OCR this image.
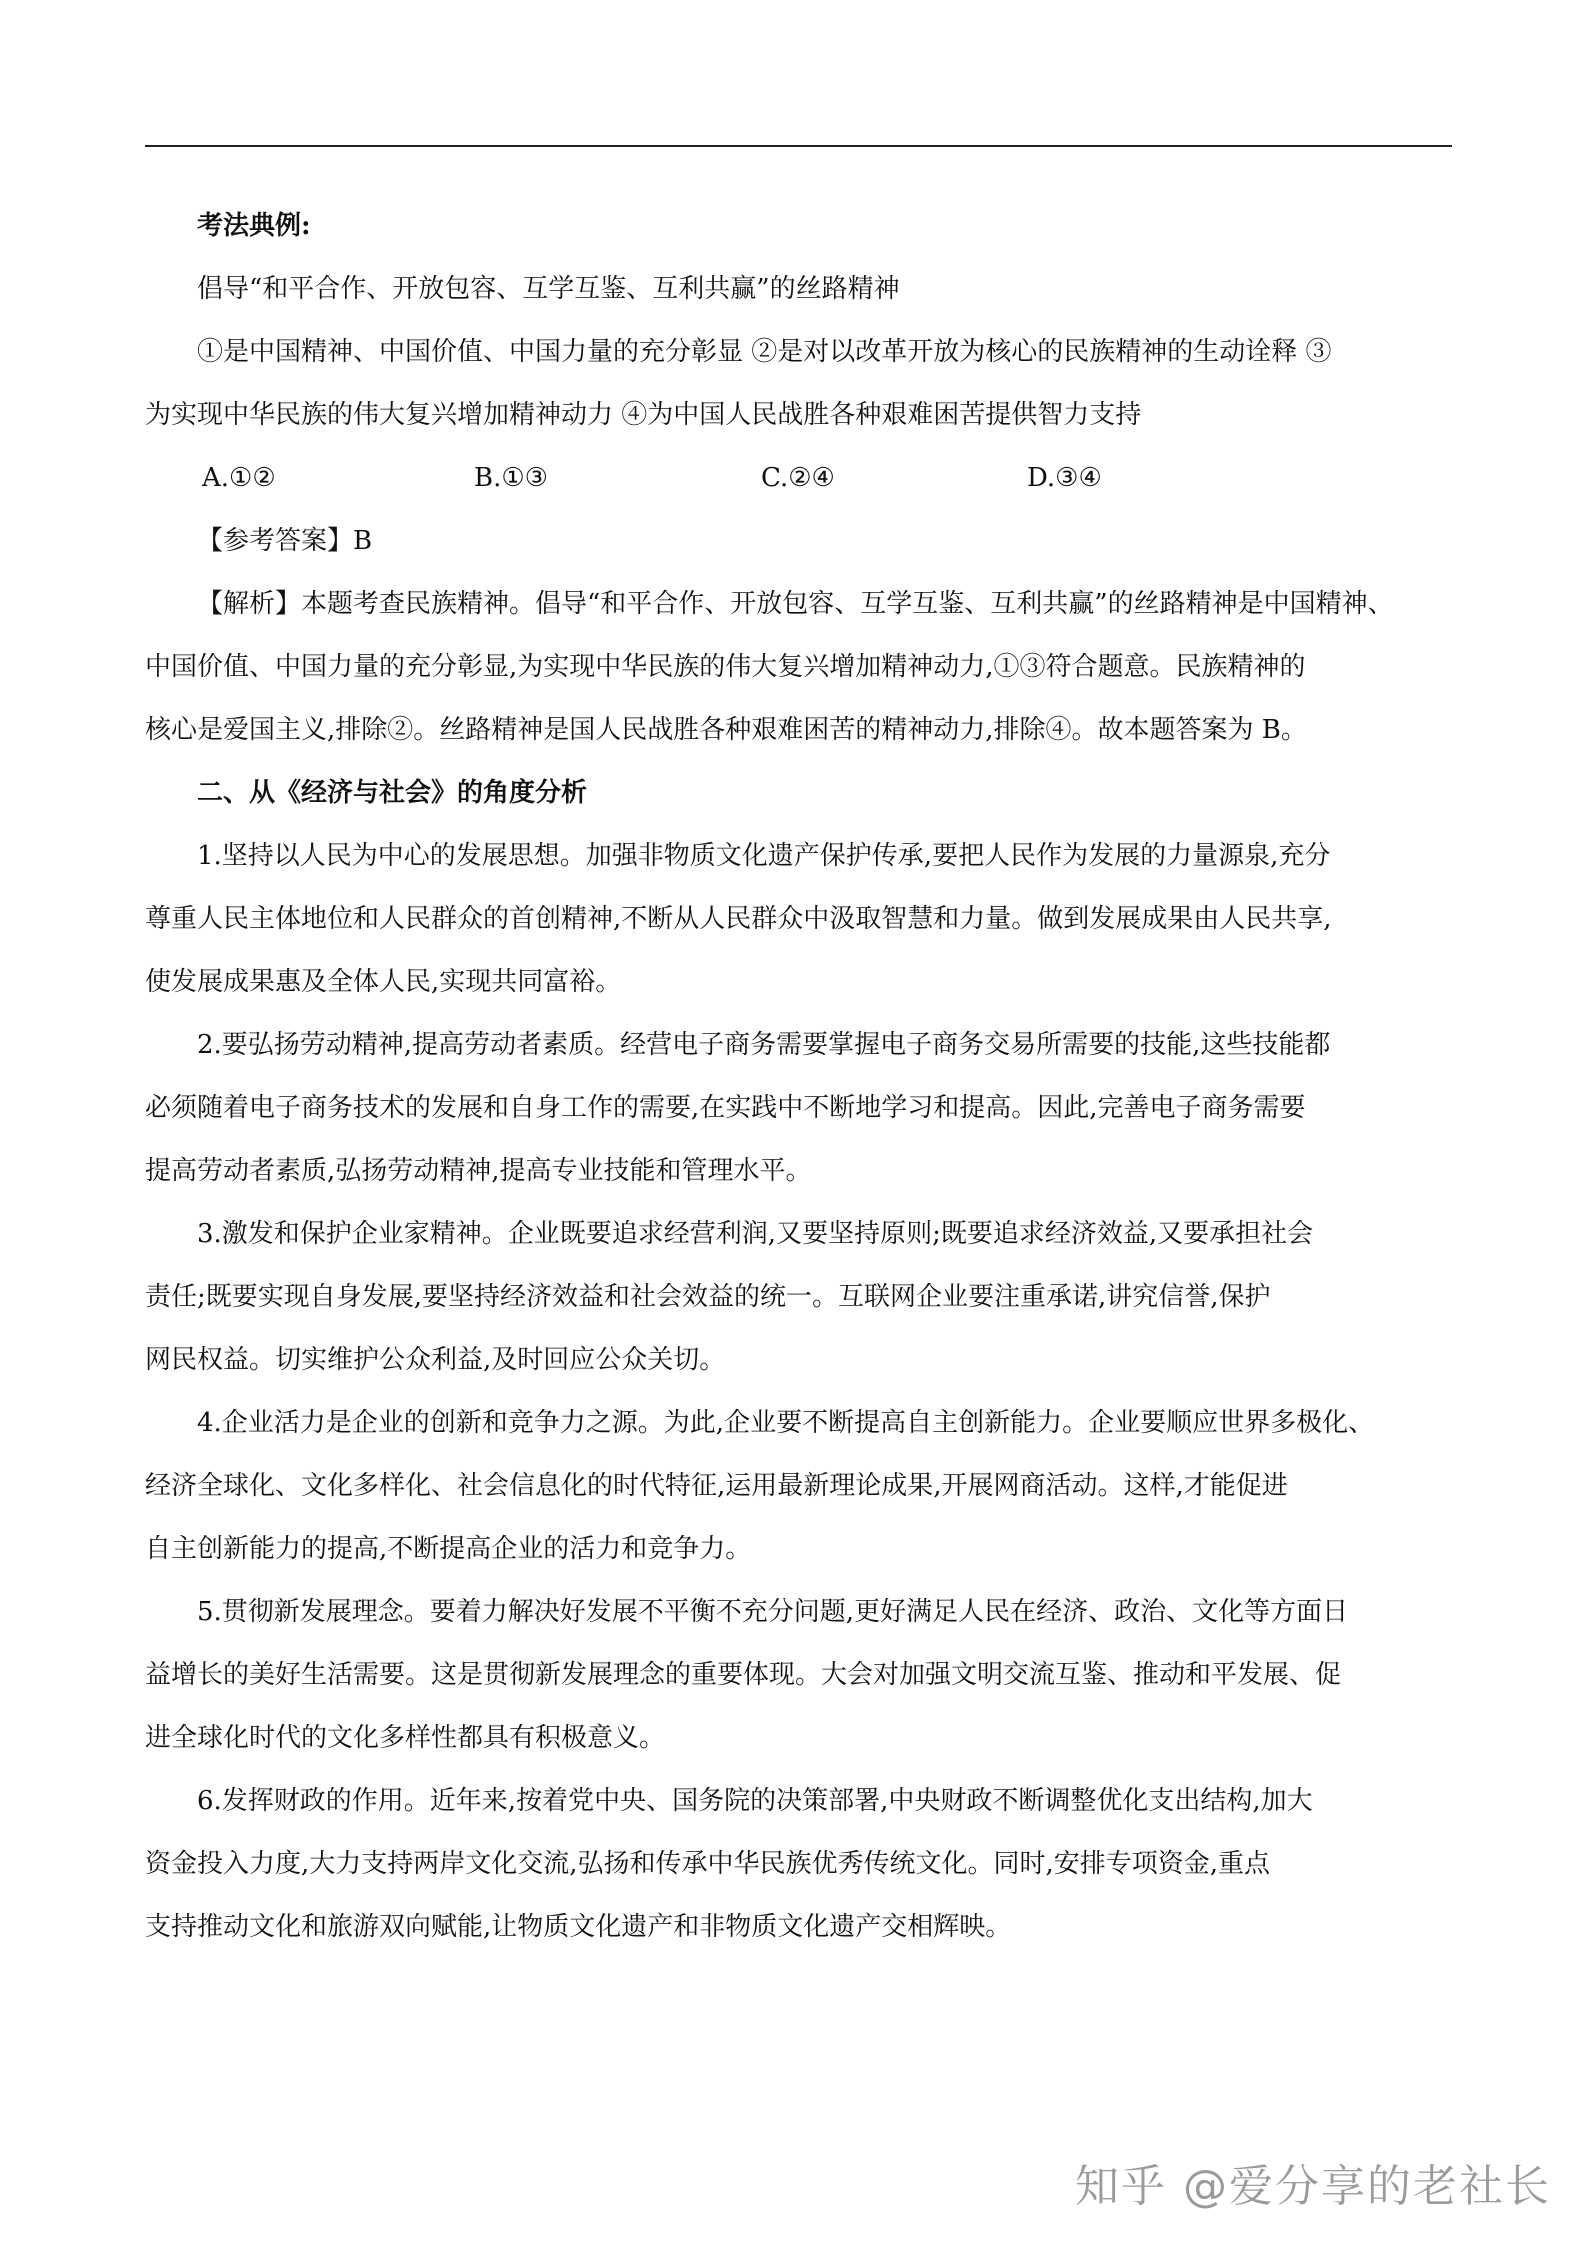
考法典例:
倡导“和平合作、开放包容、互学互鉴、互利共赢”的丝路精神
①是中国精神、中国价值、中国力量的充分彰显 ②是对以改革开放为核心的民族精神的生动诠释 ③
为实现中华民族的伟大复兴增加精神动力 ④为中国人民战胜各种艰难困苦提供智力支持
A.①②	B.①③	C.②④	D.③④
【参考答案】B
【解析】本题考查民族精神。倡导“和平合作、开放包容、互学互鉴、互利共赢”的丝路精神是中国精神、
中国价值、中国力量的充分彰显,为实现中华民族的伟大复兴增加精神动力,①③符合题意。民族精神的
核心是爱国主义,排除②。丝路精神是国人民战胜各种艰难困苦的精神动力,排除④。故本题答案为 B。
二、从《经济与社会》的角度分析
1.坚持以人民为中心的发展思想。加强非物质文化遗产保护传承,要把人民作为发展的力量源泉,充分
尊重人民主体地位和人民群众的首创精神,不断从人民群众中汲取智慧和力量。做到发展成果由人民共享,
使发展成果惠及全体人民,实现共同富裕。
2.要弘扬劳动精神,提高劳动者素质。经营电子商务需要掌握电子商务交易所需要的技能,这些技能都
必须随着电子商务技术的发展和自身工作的需要,在实践中不断地学习和提高。因此,完善电子商务需要
提高劳动者素质,弘扬劳动精神,提高专业技能和管理水平。
3.激发和保护企业家精神。企业既要追求经营利润,又要坚持原则;既要追求经济效益,又要承担社会
责任;既要实现自身发展,要坚持经济效益和社会效益的统一。互联网企业要注重承诺,讲究信誉,保护
网民权益。切实维护公众利益,及时回应公众关切。
4.企业活力是企业的创新和竞争力之源。为此,企业要不断提高自主创新能力。企业要顺应世界多极化、
经济全球化、文化多样化、社会信息化的时代特征,运用最新理论成果,开展网商活动。这样,才能促进
自主创新能力的提高,不断提高企业的活力和竞争力。
5.贯彻新发展理念。要着力解决好发展不平衡不充分问题,更好满足人民在经济、政治、文化等方面日
益增长的美好生活需要。这是贯彻新发展理念的重要体现。大会对加强文明交流互鉴、推动和平发展、促
进全球化时代的文化多样性都具有积极意义。
6.发挥财政的作用。近年来,按着党中央、国务院的决策部署,中央财政不断调整优化支出结构,加大
资金投入力度,大力支持两岸文化交流,弘扬和传承中华民族优秀传统文化。同时,安排专项资金,重点
支持推动文化和旅游双向赋能,让物质文化遗产和非物质文化遗产交相辉映。
知乎 @爱分享的老社长
